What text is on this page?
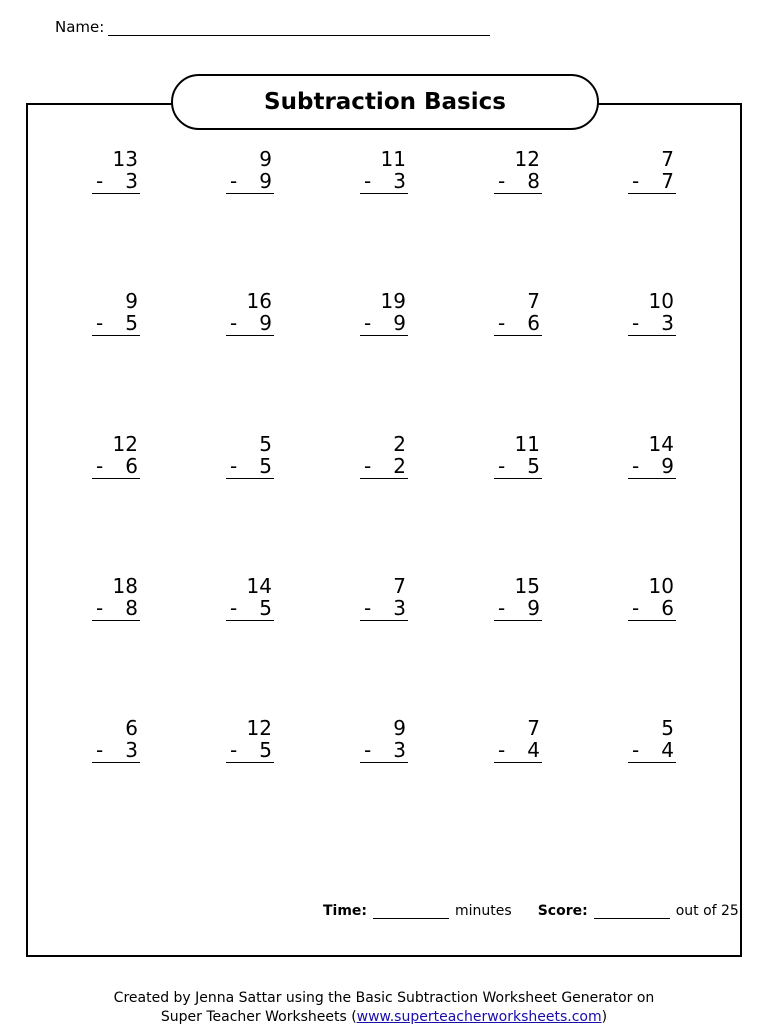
Name:
Subtraction Basics
13
- 3
9
- 9
11
- 3
12
- 8
7
- 7
9
- 5
16
- 9
19
- 9
7
- 6
10
- 3
12
- 6
5
- 5
2
- 2
11
- 5
14
- 9
18
- 8
14
- 5
7
- 3
15
- 9
10
- 6
6
- 3
12
- 5
9
- 3
7
- 4
5
- 4
Time:	minutes Score:	out of 25
Created by Jenna Sattar using the Basic Subtraction Worksheet Generator on
Super Teacher Worksheets (www.superteacherworksheets.com)
